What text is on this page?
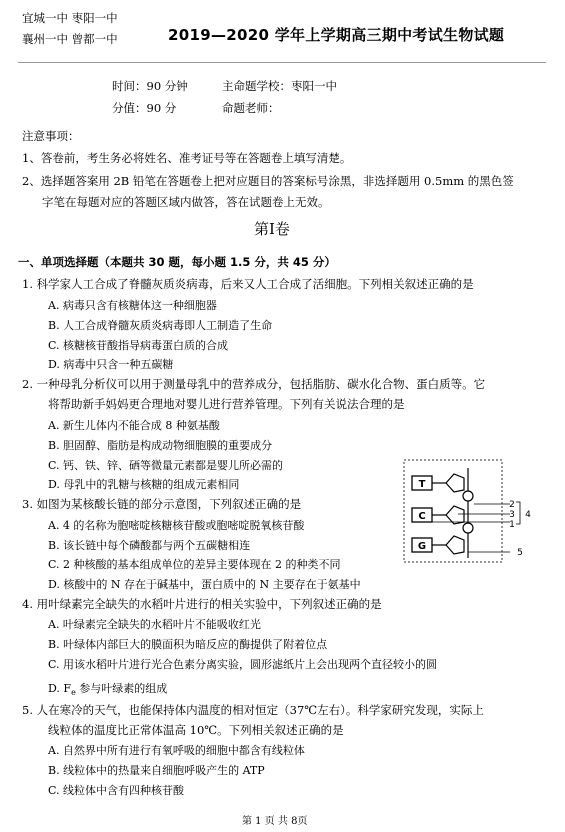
宜城一中 枣阳一中
襄州一中 曾都一中	2019—2020 学年上学期高三期中考试生物试题
时间：90 分钟	主命题学校：枣阳一中
分值：90 分	命题老师：
注意事项：
1、答卷前，考生务必将姓名、准考证号等在答题卷上填写清楚。
2、选择题答案用 2B 铅笔在答题卷上把对应题目的答案标号涂黑，非选择题用 0.5mm 的黑色签
字笔在每题对应的答题区域内做答，答在试题卷上无效。
第Ⅰ卷
一、单项选择题（本题共 30 题，每小题 1.5 分，共 45 分）
1. 科学家人工合成了脊髓灰质炎病毒，后来又人工合成了活细胞。下列相关叙述正确的是
A. 病毒只含有核糖体这一种细胞器
B. 人工合成脊髓灰质炎病毒即人工制造了生命
C. 核糖核苷酸指导病毒蛋白质的合成
D. 病毒中只含一种五碳糖
2. 一种母乳分析仪可以用于测量母乳中的营养成分，包括脂肪、碳水化合物、蛋白质等。它
将帮助新手妈妈更合理地对婴儿进行营养管理。下列有关说法合理的是
A. 新生儿体内不能合成 8 种氨基酸
B. 胆固醇、脂肪是构成动物细胞膜的重要成分
C. 钙、铁、锌、硒等微量元素都是婴儿所必需的
D. 母乳中的乳糖与核糖的组成元素相同
3. 如图为某核酸长链的部分示意图，下列叙述正确的是
A. 4 的名称为胞嘧啶核糖核苷酸或胞嘧啶脱氧核苷酸
B. 该长链中每个磷酸都与两个五碳糖相连
C. 2 种核酸的基本组成单位的差异主要体现在 2 的种类不同
D. 核酸中的 N 存在于碱基中，蛋白质中的 N 主要存在于氨基中
T
C
G
2
3
1
4
5
4. 用叶绿素完全缺失的水稻叶片进行的相关实验中，下列叙述正确的是
A. 叶绿素完全缺失的水稻叶片不能吸收红光
B. 叶绿体内部巨大的膜面积为暗反应的酶提供了附着位点
C. 用该水稻叶片进行光合色素分离实验，圆形滤纸片上会出现两个直径较小的圆
D. $F_e$ 参与叶绿素的组成
5. 人在寒冷的天气，也能保持体内温度的相对恒定（37℃左右）。科学家研究发现，实际上
线粒体的温度比正常体温高 10℃。下列相关叙述正确的是
A. 自然界中所有进行有氧呼吸的细胞中都含有线粒体
B. 线粒体中的热量来自细胞呼吸产生的 ATP
C. 线粒体中含有四种核苷酸
第 1 页 共 8页
